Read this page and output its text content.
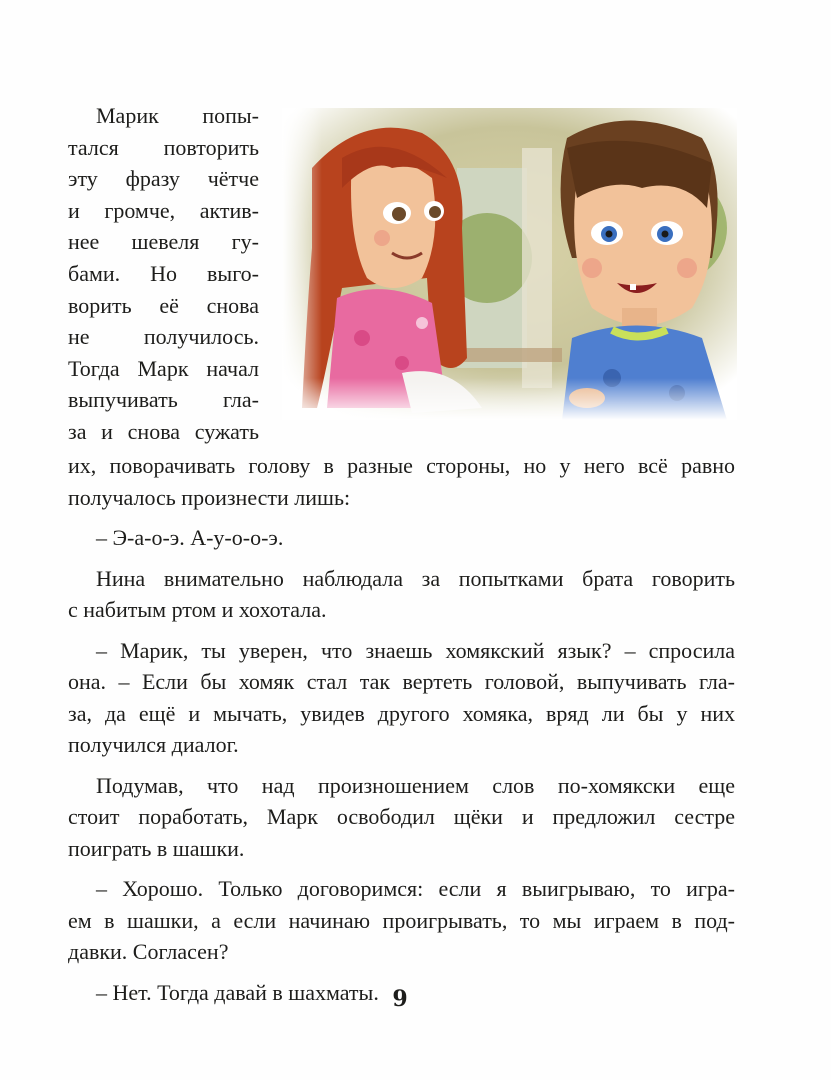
Марик попы-
тался повторить
эту фразу чётче
и громче, актив-
нее шевеля гу-
бами. Но выго-
ворить её снова
не получилось.
Тогда Марк начал
выпучивать гла-
за и снова сужать
их, поворачивать голову в разные стороны, но у него всё равно
получалось произнести лишь:
– Э-а-о-э. А-у-о-о-э.
Нина внимательно наблюдала за попытками брата говорить
с набитым ртом и хохотала.
– Марик, ты уверен, что знаешь хомякский язык? – спросила
она. – Если бы хомяк стал так вертеть головой, выпучивать гла-
за, да ещё и мычать, увидев другого хомяка, вряд ли бы у них
получился диалог.
Подумав, что над произношением слов по-хомякски еще
стоит поработать, Марк освободил щёки и предложил сестре
поиграть в шашки.
– Хорошо. Только договоримся: если я выигрываю, то игра-
ем в шашки, а если начинаю проигрывать, то мы играем в под-
давки. Согласен?
– Нет. Тогда давай в шахматы. 9
